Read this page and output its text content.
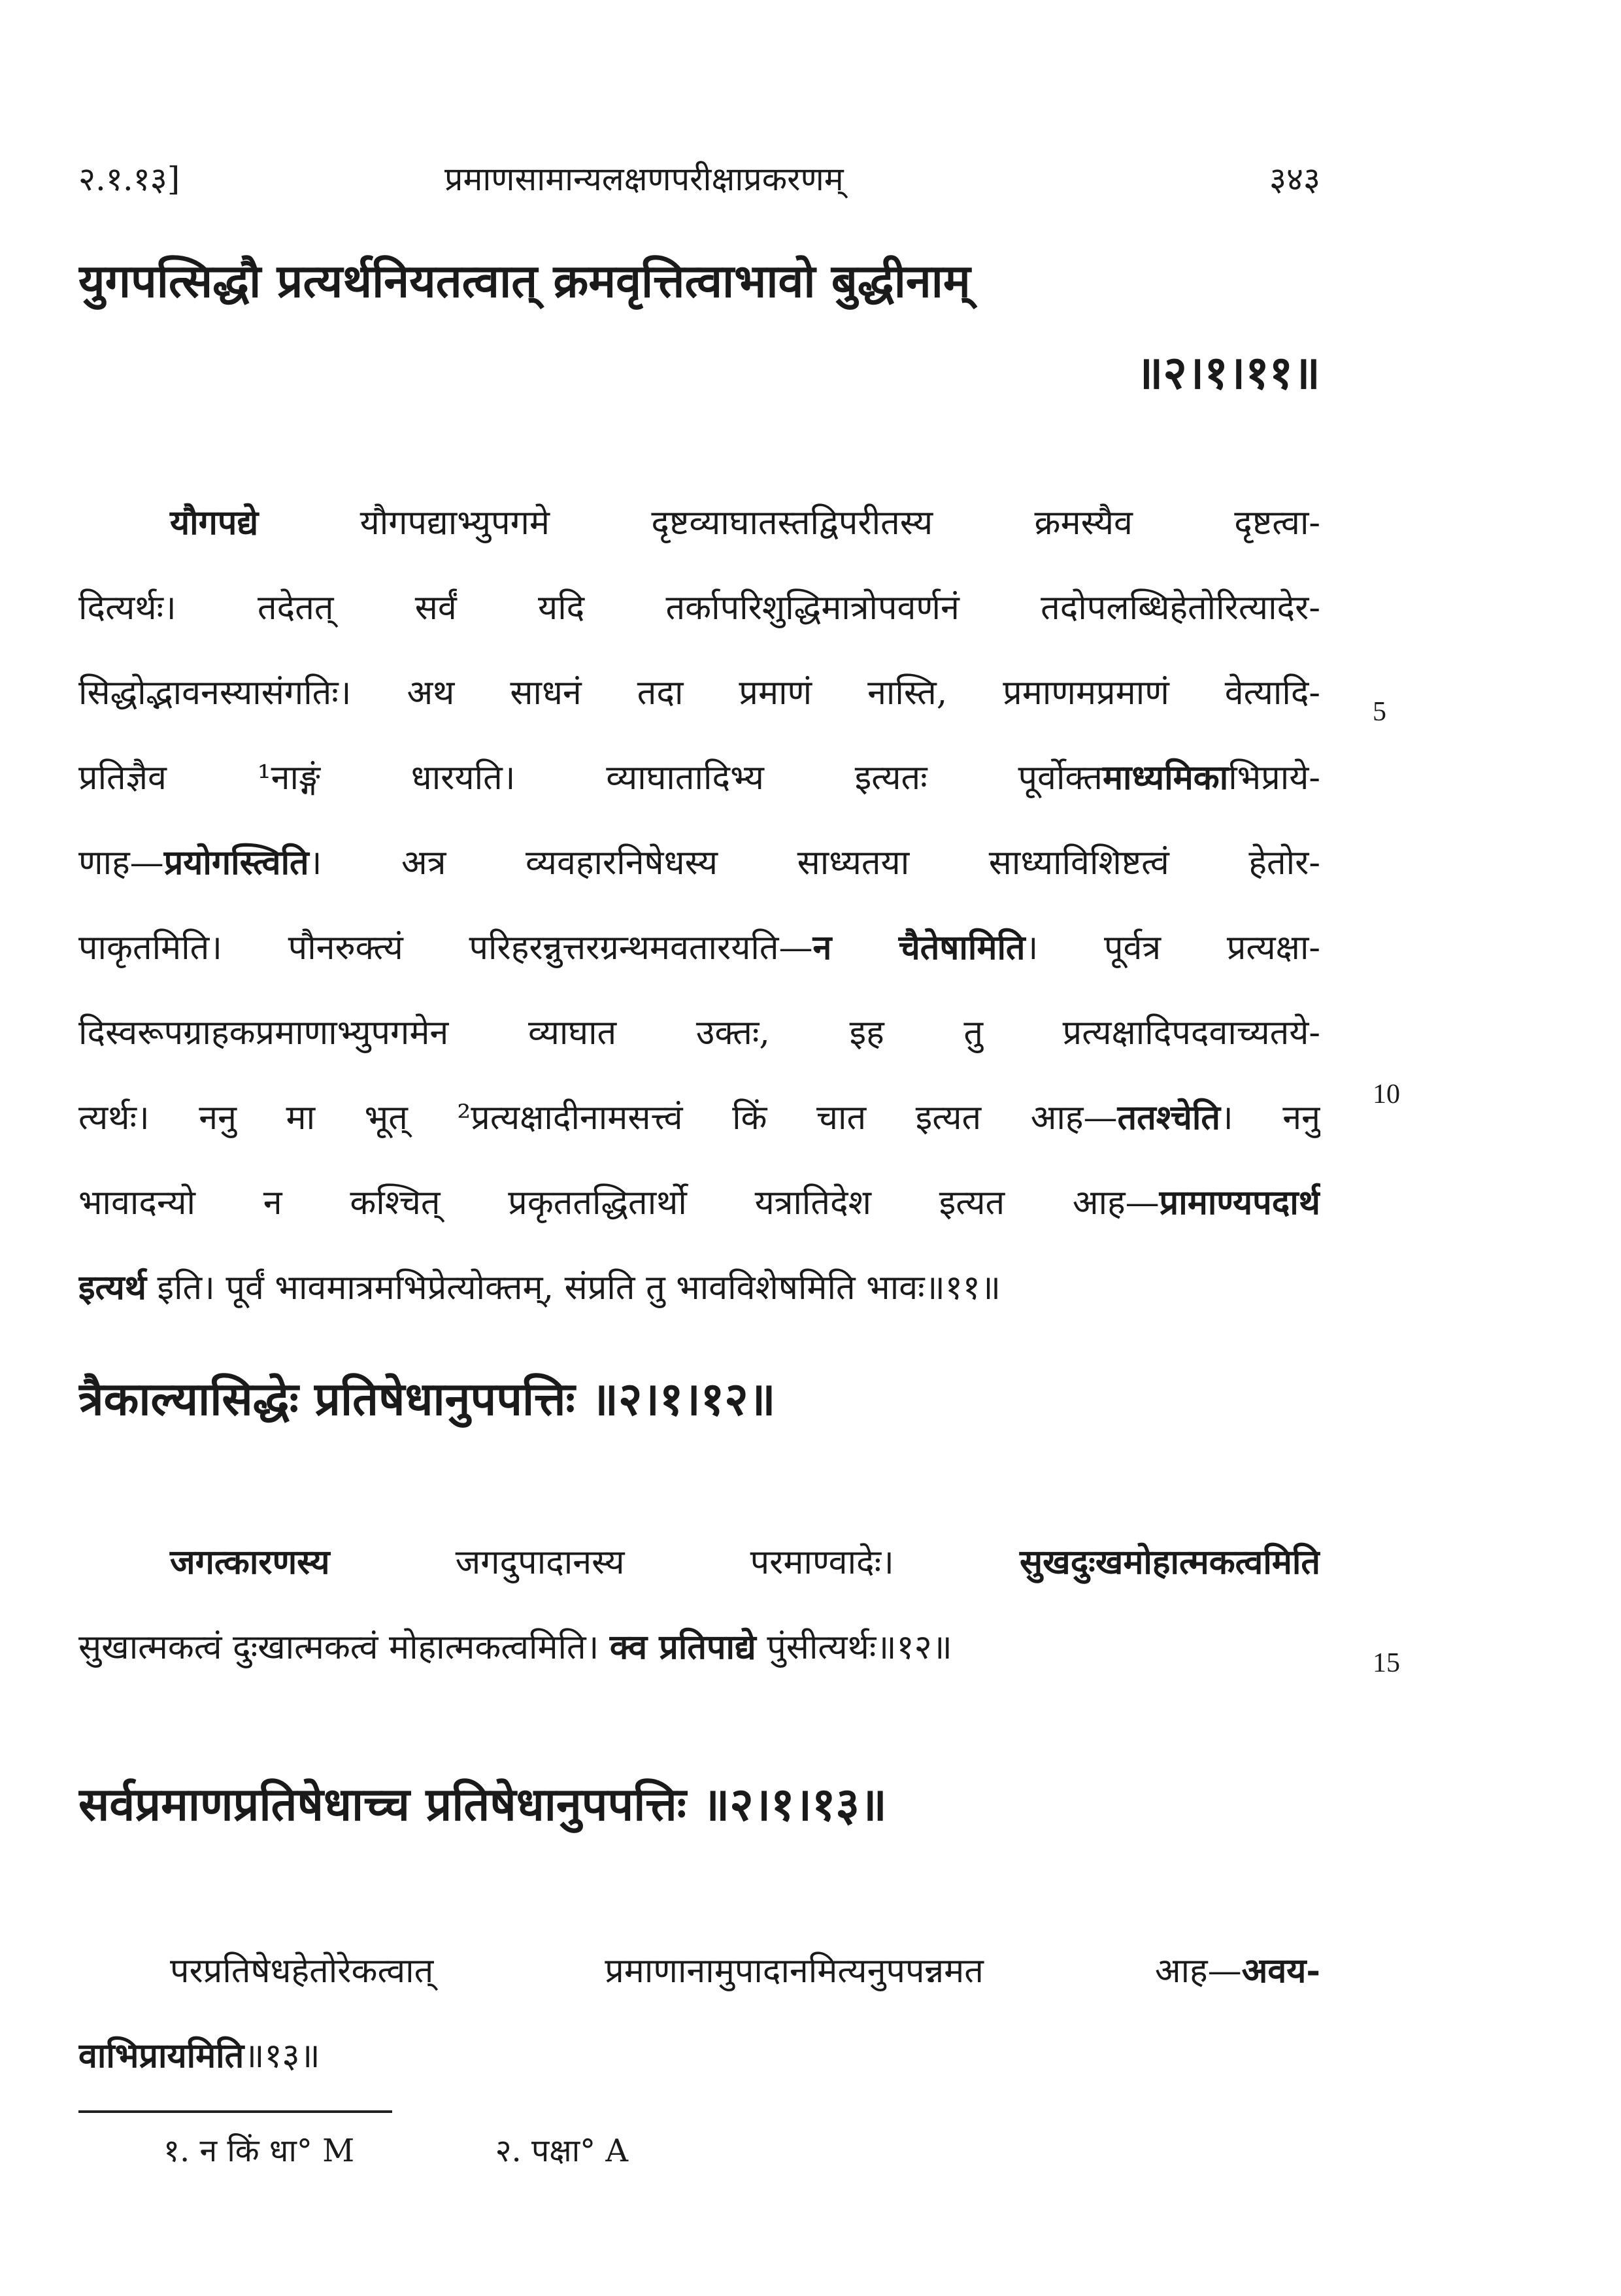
२.१.१३]	प्रमाणसामान्यलक्षणपरीक्षाप्रकरणम्	३४३
युगपत्सिद्धौ प्रत्यर्थनियतत्वात् क्रमवृत्तित्वाभावो बुद्धीनाम्
॥२।१।११॥
यौगपद्ये यौगपद्याभ्युपगमे दृष्टव्याघातस्तद्विपरीतस्य क्रमस्यैव दृष्टत्वा-
दित्यर्थः। तदेतत् सर्वं यदि तर्कापरिशुद्धिमात्रोपवर्णनं तदोपलब्धिहेतोरित्यादेर-
सिद्धोद्भावनस्यासंगतिः। अथ साधनं तदा प्रमाणं नास्ति, प्रमाणमप्रमाणं वेत्यादि-
प्रतिज्ञैव ¹नाङ्गं धारयति। व्याघातादिभ्य इत्यतः पूर्वोक्तमाध्यमिकाभिप्राये-
णाह—प्रयोगस्त्विति। अत्र व्यवहारनिषेधस्य साध्यतया साध्याविशिष्टत्वं हेतोर-
पाकृतमिति। पौनरुक्त्यं परिहरन्नुत्तरग्रन्थमवतारयति—न चैतेषामिति। पूर्वत्र प्रत्यक्षा-
दिस्वरूपग्राहकप्रमाणाभ्युपगमेन व्याघात उक्तः, इह तु प्रत्यक्षादिपदवाच्यतये-
त्यर्थः। ननु मा भूत् ²प्रत्यक्षादीनामसत्त्वं किं चात इत्यत आह—ततश्चेति। ननु
भावादन्यो न कश्चित् प्रकृततद्धितार्थो यत्रातिदेश इत्यत आह—प्रामाण्यपदार्थ
इत्यर्थ इति। पूर्वं भावमात्रमभिप्रेत्योक्तम्, संप्रति तु भावविशेषमिति भावः॥११॥
त्रैकाल्यासिद्धेः प्रतिषेधानुपपत्तिः ॥२।१।१२॥
जगत्कारणस्य जगदुपादानस्य परमाण्वादेः। सुखदुःखमोहात्मकत्वमिति
सुखात्मकत्वं दुःखात्मकत्वं मोहात्मकत्वमिति। क्व प्रतिपाद्ये पुंसीत्यर्थः॥१२॥
सर्वप्रमाणप्रतिषेधाच्च प्रतिषेधानुपपत्तिः ॥२।१।१३॥
परप्रतिषेधहेतोरेकत्वात् प्रमाणानामुपादानमित्यनुपपन्नमत आह—अवय-
वाभिप्रायमिति॥१३॥
5
10
15
१. न किं धा° M	२. पक्षा° A
